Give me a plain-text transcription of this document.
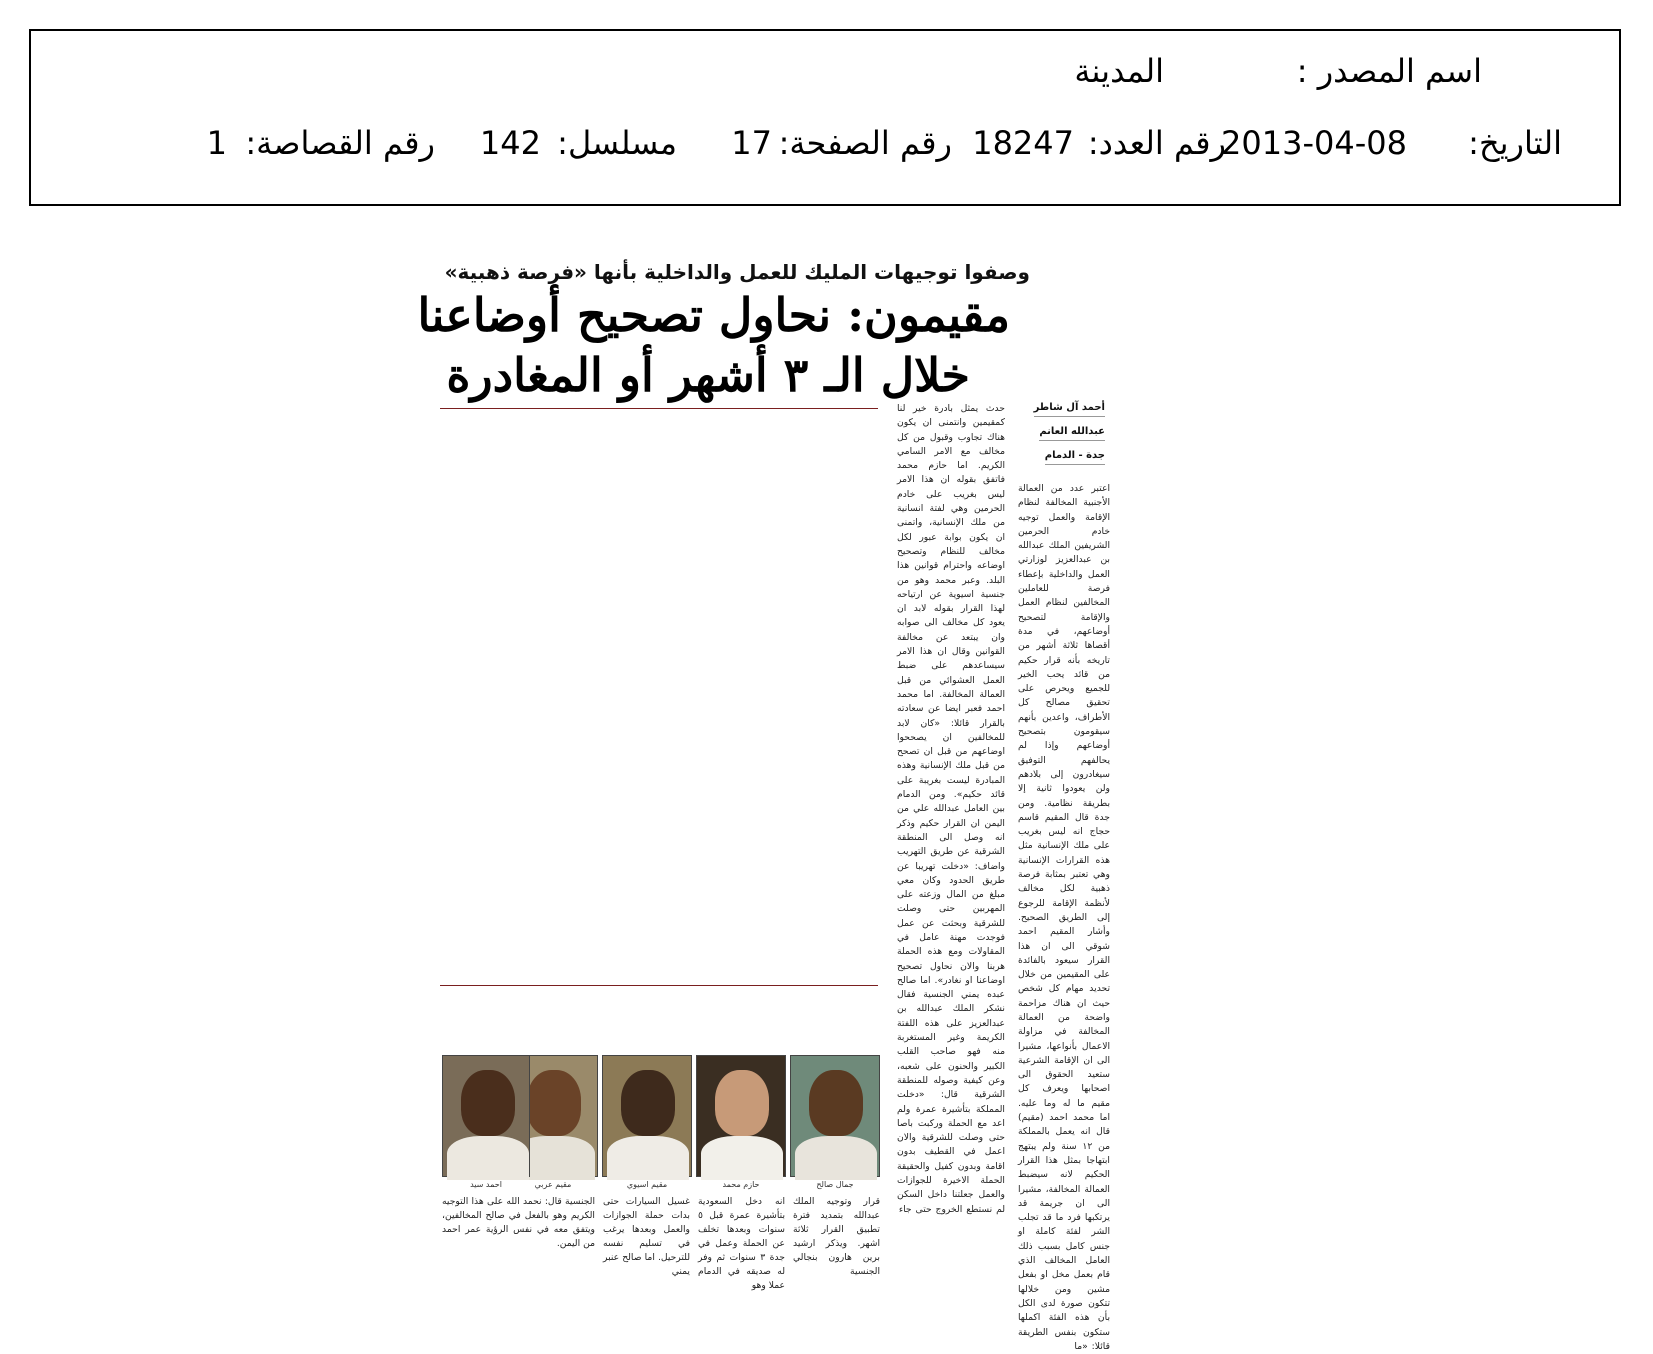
اسم المصدر :
المدينة
التاريخ:
2013-04-08
رقم العدد:
18247
رقم الصفحة:
17
مسلسل:
142
رقم القصاصة:
1
وصفوا توجيهات المليك للعمل والداخلية بأنها «فرصة ذهبية»
مقيمون: نحاول تصحيح أوضاعنا
خلال الـ ٣ أشهر أو المغادرة
أحمد آل شاطر
عبدالله العانم
جدة - الدمام
اعتبر عدد من العمالة الأجنبية المخالفة لنظام الإقامة والعمل توجيه خادم الحرمين الشريفين الملك عبدالله بن عبدالعزيز لوزارتي العمل والداخلية بإعطاء فرصة للعاملين المخالفين لنظام العمل والإقامة لتصحيح أوضاعهم، في مدة أقصاها ثلاثة أشهر من تاريخه بأنه قرار حكيم من قائد يحب الخير للجميع ويحرص على تحقيق مصالح كل الأطراف، واعدين بأنهم سيقومون بتصحيح أوضاعهم وإذا لم يحالفهم التوفيق سيغادرون إلى بلادهم ولن يعودوا ثانية إلا بطريقة نظامية. ومن جدة قال المقيم قاسم حجاج انه ليس بغريب على ملك الإنسانية مثل هذه القرارات الإنسانية وهي تعتبر بمثابة فرصة ذهبية لكل مخالف لأنظمة الإقامة للرجوع إلى الطريق الصحيح. وأشار المقيم احمد شوقي الى ان هذا القرار سيعود بالفائدة على المقيمين من خلال تحديد مهام كل شخص حيث ان هناك مزاحمة واضحة من العمالة المخالفة في مزاولة الاعمال بأنواعها، مشيرا الى ان الإقامة الشرعية ستعيد الحقوق الى اصحابها ويعرف كل مقيم ما له وما عليه. اما محمد احمد (مقيم) قال انه يعمل بالمملكة من ١٢ سنة ولم يبتهج ابتهاجا بمثل هذا القرار الحكيم لانه سيضبط العمالة المخالفة، مشيرا الى ان جريمة قد يرتكبها فرد ما قد تجلب الشر لفئة كاملة او جنس كامل بسبب ذلك العامل المخالف الذي قام بعمل مخل او بفعل مشين ومن خلالها تتكون صورة لدى الكل بأن هذه الفئة اكملها ستكون بنفس الطريقة قائلا: «ما
حدث يمثل بادرة خير لنا كمقيمين وانتمنى ان يكون هناك تجاوب وقبول من كل مخالف مع الامر السامي الكريم. اما حازم محمد فاتفق بقوله ان هذا الامر ليس بغريب على خادم الحرمين وهي لفتة انسانية من ملك الإنسانية، واتمنى ان يكون بوابة عبور لكل مخالف للنظام وتصحيح اوضاعه واحترام قوانين هذا البلد. وعبر محمد وهو من جنسية اسيوية عن ارتياحه لهذا القرار بقوله لابد ان يعود كل مخالف الى صوابه وان يبتعد عن مخالفة القوانين وقال ان هذا الامر سيساعدهم على ضبط العمل العشوائي من قبل العمالة المخالفة. اما محمد احمد فعبر ايضا عن سعادته بالقرار قائلا: «كان لابد للمخالفين ان يصححوا اوضاعهم من قبل ان تصحح من قبل ملك الإنسانية وهذه المبادرة ليست بغريبة على قائد حكيم». ومن الدمام بين العامل عبدالله علي من اليمن ان القرار حكيم وذكر انه وصل الى المنطقة الشرقية عن طريق التهريب واضاف: «دخلت تهريبا عن طريق الحدود وكان معي مبلغ من المال وزعته على المهربين حتى وصلت للشرقية وبحثت عن عمل فوجدت مهنة عامل في المقاولات ومع هذه الحملة هربنا والان نحاول تصحيح اوضاعنا او نغادر». اما صالح عبده يمني الجنسية فقال نشكر الملك عبدالله بن عبدالعزيز على هذه اللفتة الكريمة وغير المستغربة منه فهو صاحب القلب الكبير والحنون على شعبه، وعن كيفية وصوله للمنطقة الشرقية قال: «دخلت المملكة بتأشيرة عمرة ولم اعد مع الحملة وركبت باصا حتى وصلت للشرقية والان اعمل في القطيف بدون اقامة وبدون كفيل والحقيقة الحملة الاخيرة للجوازات والعمل جعلتنا داخل السكن لم نستطع الخروج حتى جاء
جمال صالح
حازم محمد
مقيم اسيوي
مقيم عربي
احمد سيد
قرار وتوجيه الملك عبدالله بتمديد فترة تطبيق القرار ثلاثة اشهر. ويذكر ارشيد برين هارون بنجالي الجنسية
انه دخل السعودية بتأشيرة عمرة قبل ٥ سنوات وبعدها تخلف عن الحملة وعمل في جدة ٣ سنوات ثم وفر له صديقه في الدمام عملا وهو
غسيل السيارات حتى بدات حملة الجوازات والعمل وبعدها يرغب في تسليم نفسه للترحيل. اما صالح عنبر يمني
الجنسية قال: نحمد الله على هذا التوجيه الكريم وهو بالفعل في صالح المخالفين، ويتفق معه في نفس الرؤية عمر احمد من اليمن.
